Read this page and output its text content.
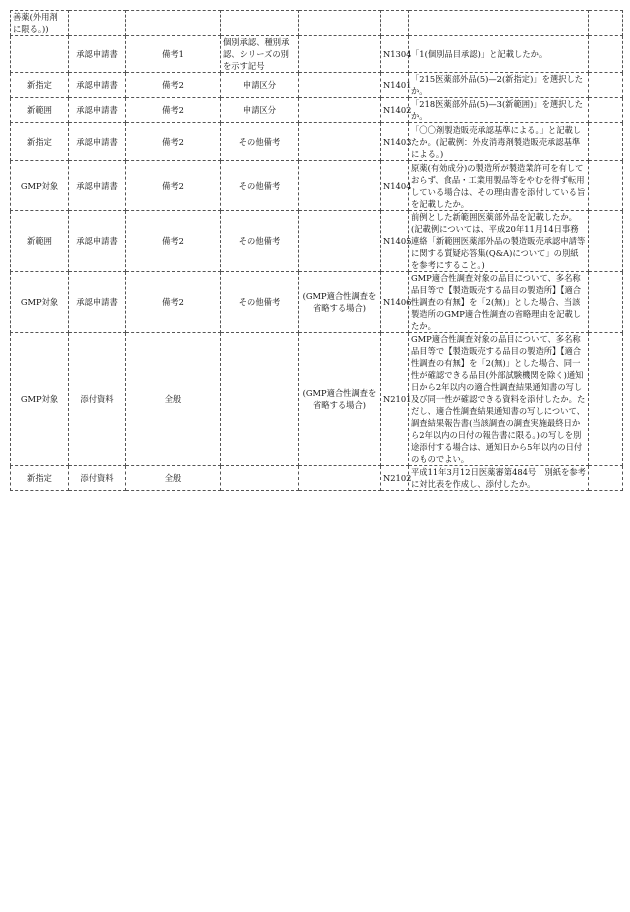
善薬(外用剤に限る。))							
	承認申請書	備考1	個別承認、種別承認、シリーズの別を示す記号		N1304	「1(個別品目承認)」と記載したか。	
新指定	承認申請書	備考2	申請区分		N1401	「215医薬部外品(5)—2(新指定)」を選択したか。	
新範囲	承認申請書	備考2	申請区分		N1402	「218医薬部外品(5)—3(新範囲)」を選択したか。	
新指定	承認申請書	備考2	その他備考		N1403	「〇〇剤製造販売承認基準による。」と記載したか。(記載例：外皮消毒剤製造販売承認基準による。)	
GMP対象	承認申請書	備考2	その他備考		N1404	原薬(有効成分)の製造所が製造業許可を有しておらず、食品・工業用製品等をやむを得ず転用している場合は、その理由書を添付している旨を記載したか。	
新範囲	承認申請書	備考2	その他備考		N1405	前例とした新範囲医薬部外品を記載したか。(記載例については、平成20年11月14日事務連絡「新範囲医薬部外品の製造販売承認申請等に関する質疑応答集(Q&A)について」の別紙を参考にすること。)	
GMP対象	承認申請書	備考2	その他備考	(GMP適合性調査を省略する場合)	N1406	GMP適合性調査対象の品目について、多名称品目等で【製造販売する品目の製造所】【適合性調査の有無】を「2(無)」とした場合、当該製造所のGMP適合性調査の省略理由を記載したか。	
GMP対象	添付資料	全般		(GMP適合性調査を省略する場合)	N2101	GMP適合性調査対象の品目について、多名称品目等で【製造販売する品目の製造所】【適合性調査の有無】を「2(無)」とした場合、同一性が確認できる品目(外部試験機関を除く)通知日から2年以内の適合性調査結果通知書の写し及び同一性が確認できる資料を添付したか。ただし、適合性調査結果通知書の写しについて、調査結果報告書(当該調査の調査実施最終日から2年以内の日付の報告書に限る。)の写しを別途添付する場合は、通知日から5年以内の日付のものでよい。	
新指定	添付資料	全般			N2102	平成11年3月12日医薬審第484号　別紙を参考に対比表を作成し、添付したか。	
